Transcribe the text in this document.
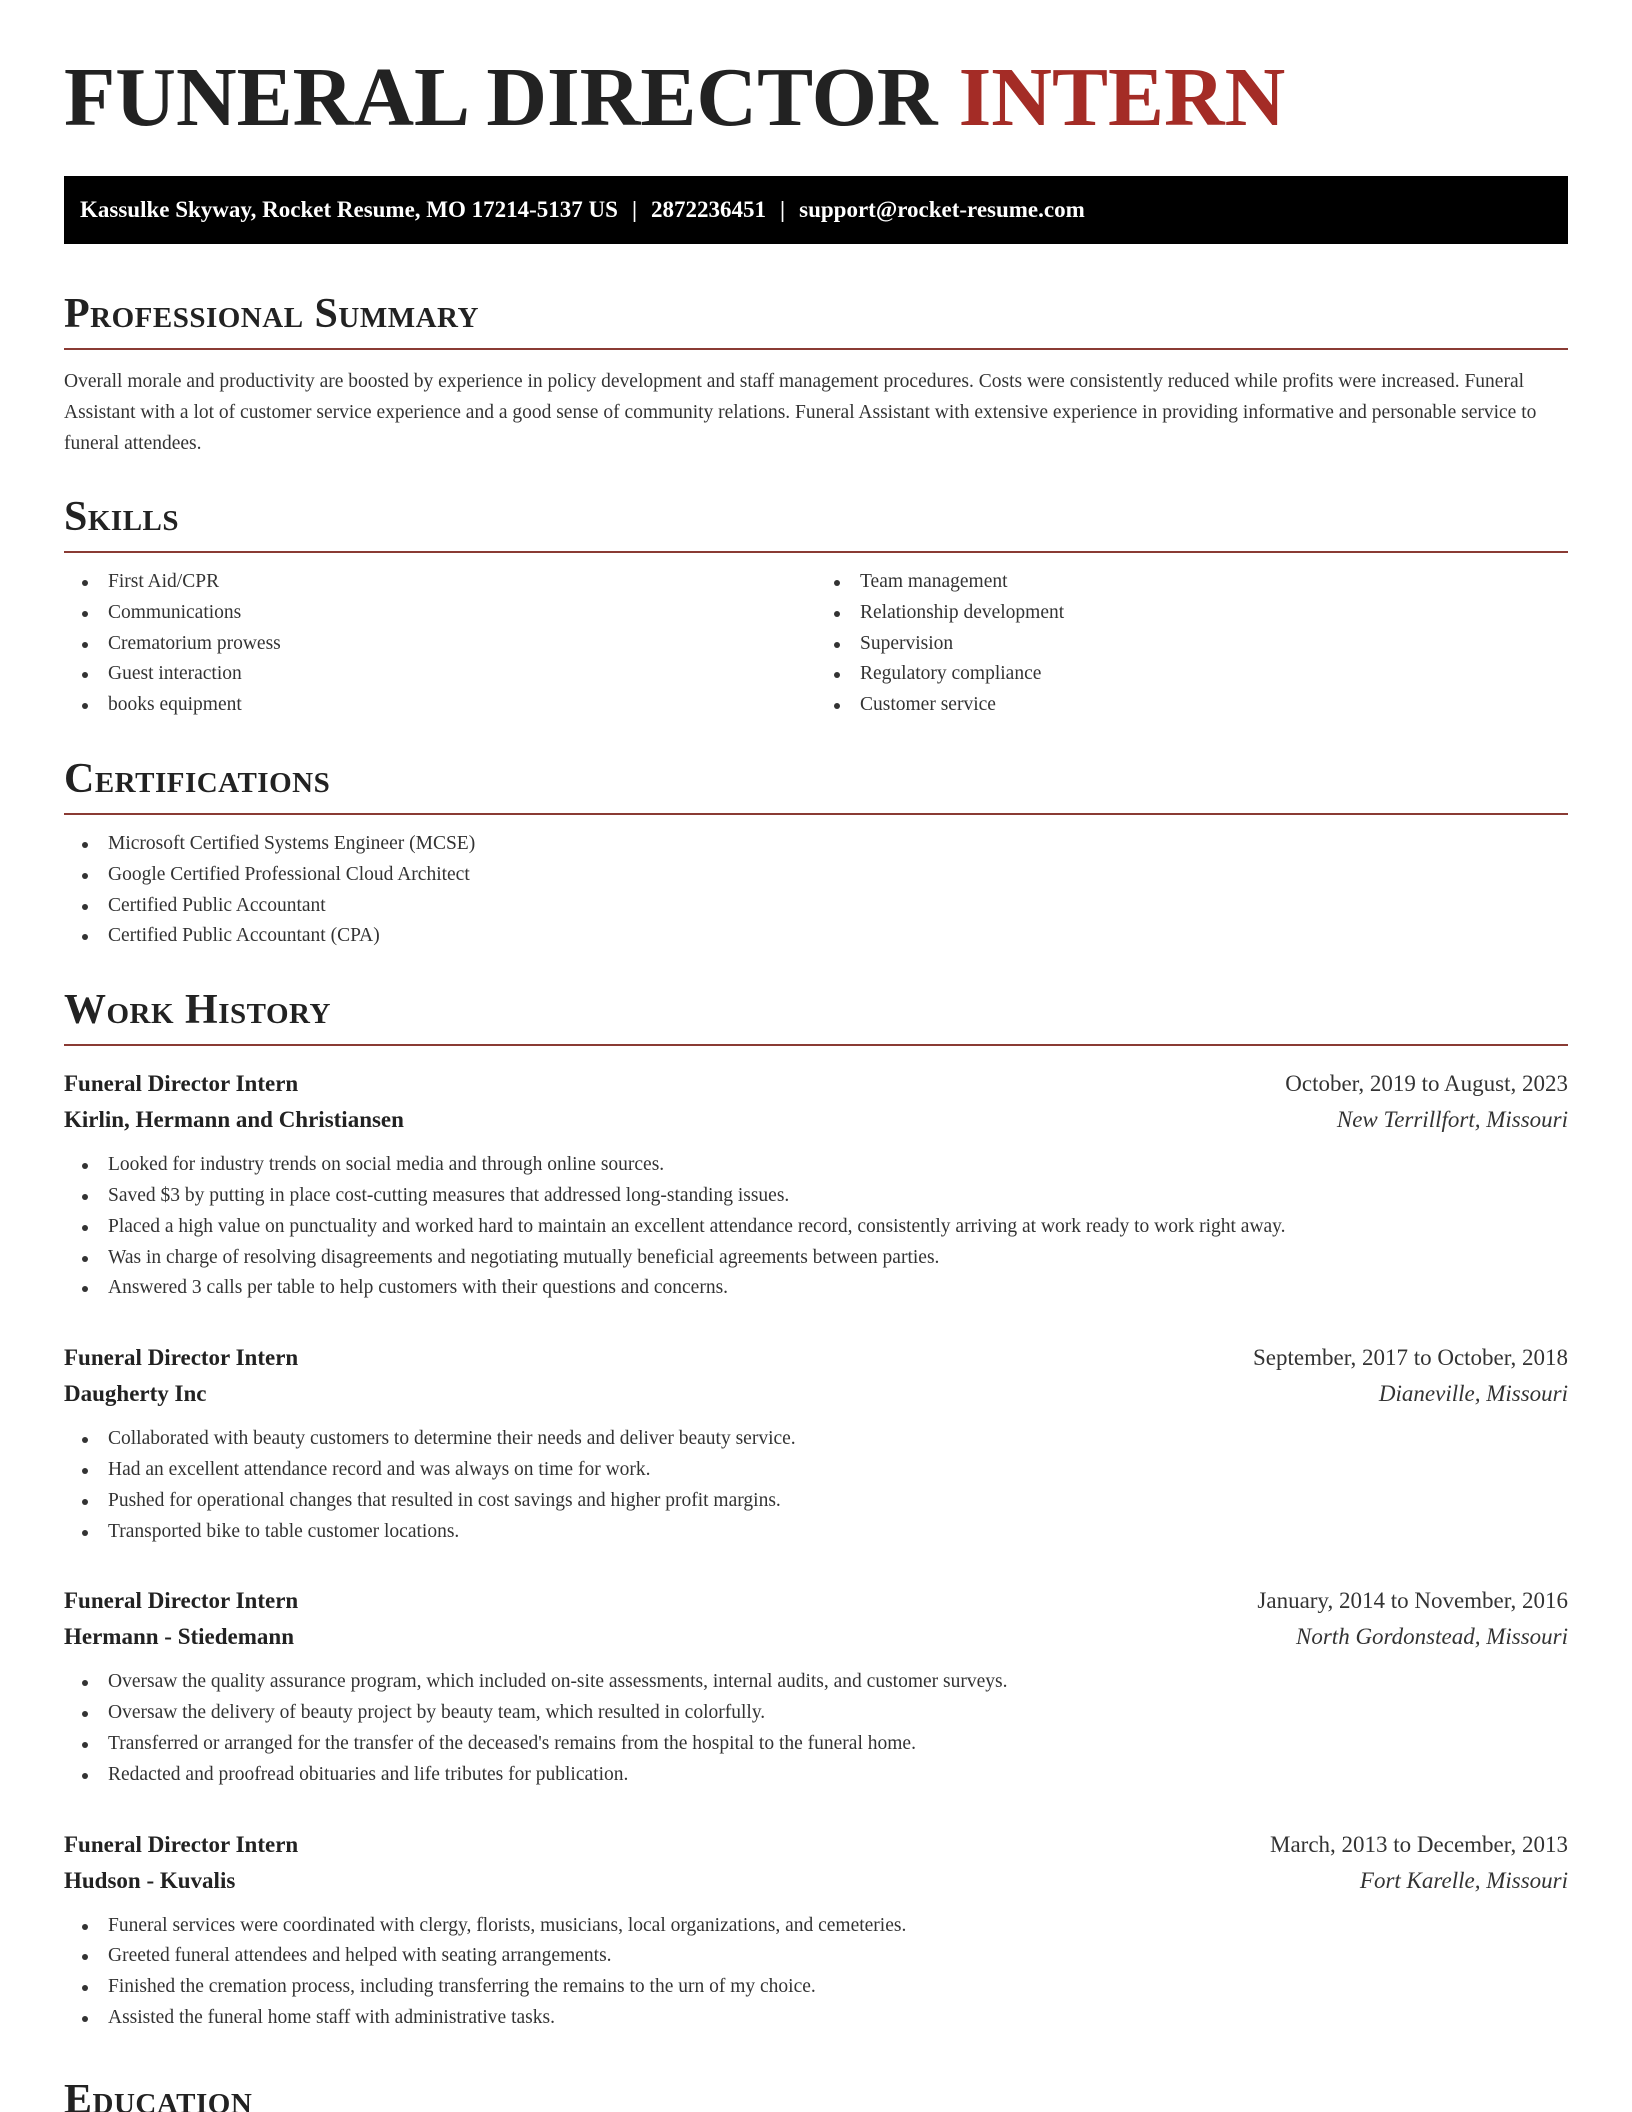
FUNERAL DIRECTOR INTERN
Kassulke Skyway, Rocket Resume, MO 17214-5137 US | 2872236451 | support@rocket-resume.com
Professional Summary

Overall morale and productivity are boosted by experience in policy development and staff management procedures. Costs were consistently reduced while profits were increased. Funeral Assistant with a lot of customer service experience and a good sense of community relations. Funeral Assistant with extensive experience in providing informative and personable service to funeral attendees.

Skills
First Aid/CPR
Communications
Crematorium prowess
Guest interaction
books equipment
Team management
Relationship development
Supervision
Regulatory compliance
Customer service
Certifications
Microsoft Certified Systems Engineer (MCSE)
Google Certified Professional Cloud Architect
Certified Public Accountant
Certified Public Accountant (CPA)
Work History
Funeral Director Intern	October, 2019 to August, 2023
Kirlin, Hermann and Christiansen	New Terrillfort, Missouri
Looked for industry trends on social media and through online sources.
Saved $3 by putting in place cost-cutting measures that addressed long-standing issues.
Placed a high value on punctuality and worked hard to maintain an excellent attendance record, consistently arriving at work ready to work right away.
Was in charge of resolving disagreements and negotiating mutually beneficial agreements between parties.
Answered 3 calls per table to help customers with their questions and concerns.
Funeral Director Intern	September, 2017 to October, 2018
Daugherty Inc	Dianeville, Missouri
Collaborated with beauty customers to determine their needs and deliver beauty service.
Had an excellent attendance record and was always on time for work.
Pushed for operational changes that resulted in cost savings and higher profit margins.
Transported bike to table customer locations.
Funeral Director Intern	January, 2014 to November, 2016
Hermann - Stiedemann	North Gordonstead, Missouri
Oversaw the quality assurance program, which included on-site assessments, internal audits, and customer surveys.
Oversaw the delivery of beauty project by beauty team, which resulted in colorfully.
Transferred or arranged for the transfer of the deceased's remains from the hospital to the funeral home.
Redacted and proofread obituaries and life tributes for publication.
Funeral Director Intern	March, 2013 to December, 2013
Hudson - Kuvalis	Fort Karelle, Missouri
Funeral services were coordinated with clergy, florists, musicians, local organizations, and cemeteries.
Greeted funeral attendees and helped with seating arrangements.
Finished the cremation process, including transferring the remains to the urn of my choice.
Assisted the funeral home staff with administrative tasks.
Education
